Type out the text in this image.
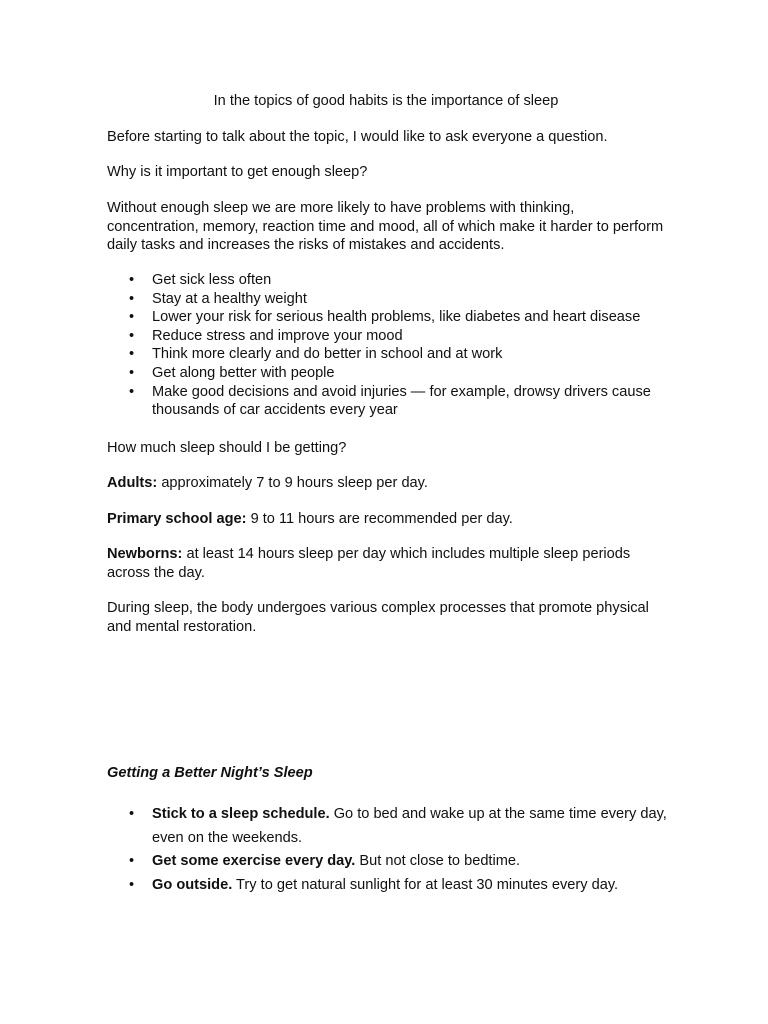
In the topics of good habits is the importance of sleep

Before starting to talk about the topic, I would like to ask everyone a question.

Why is it important to get enough sleep?

Without enough sleep we are more likely to have problems with thinking, concentration, memory, reaction time and mood, all of which make it harder to perform daily tasks and increases the risks of mistakes and accidents.

• Get sick less often
• Stay at a healthy weight
• Lower your risk for serious health problems, like diabetes and heart disease
• Reduce stress and improve your mood
• Think more clearly and do better in school and at work
• Get along better with people
• Make good decisions and avoid injuries — for example, drowsy drivers cause thousands of car accidents every year

How much sleep should I be getting?

Adults: approximately 7 to 9 hours sleep per day.

Primary school age: 9 to 11 hours are recommended per day.

Newborns: at least 14 hours sleep per day which includes multiple sleep periods across the day.

During sleep, the body undergoes various complex processes that promote physical and mental restoration.

Getting a Better Night’s Sleep

• Stick to a sleep schedule. Go to bed and wake up at the same time every day, even on the weekends.
• Get some exercise every day. But not close to bedtime.
• Go outside. Try to get natural sunlight for at least 30 minutes every day.
